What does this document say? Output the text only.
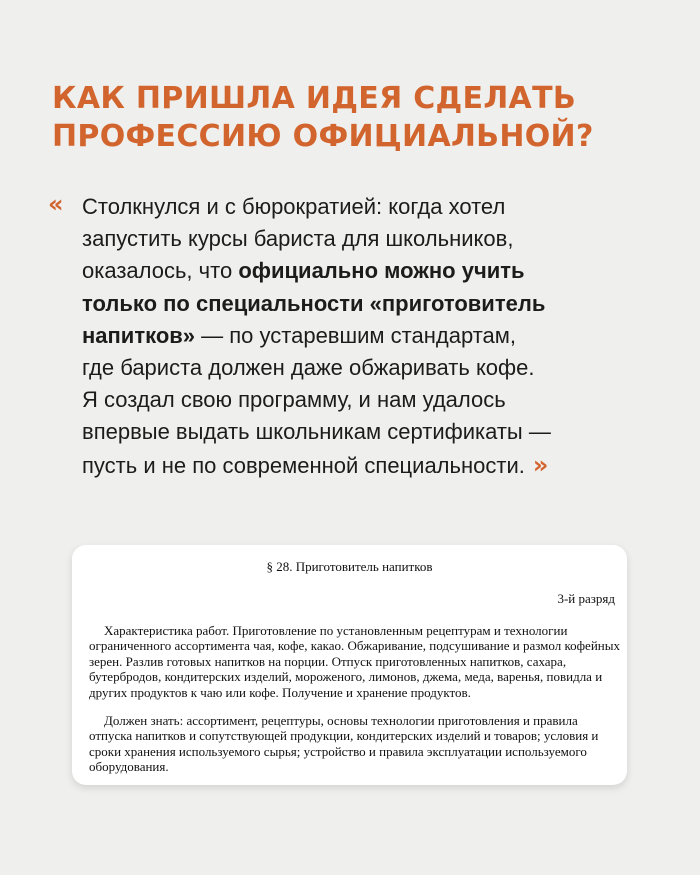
КАК ПРИШЛА ИДЕЯ СДЕЛАТЬ
ПРОФЕССИЮ ОФИЦИАЛЬНОЙ?
« Столкнулся и с бюрократией: когда хотел
запустить курсы бариста для школьников,
оказалось, что официально можно учить
только по специальности «приготовитель
напитков» — по устаревшим стандартам,
где бариста должен даже обжаривать кофе.
Я создал свою программу, и нам удалось
впервые выдать школьникам сертификаты —
пусть и не по современной специальности. »
§ 28. Приготовитель напитков
3-й разряд

Характеристика работ. Приготовление по установленным рецептурам и технологии
ограниченного ассортимента чая, кофе, какао. Обжаривание, подсушивание и размол кофейных
зерен. Разлив готовых напитков на порции. Отпуск приготовленных напитков, сахара,
бутербродов, кондитерских изделий, мороженого, лимонов, джема, меда, варенья, повидла и
других продуктов к чаю или кофе. Получение и хранение продуктов.

Должен знать: ассортимент, рецептуры, основы технологии приготовления и правила
отпуска напитков и сопутствующей продукции, кондитерских изделий и товаров; условия и
сроки хранения используемого сырья; устройство и правила эксплуатации используемого
оборудования.
